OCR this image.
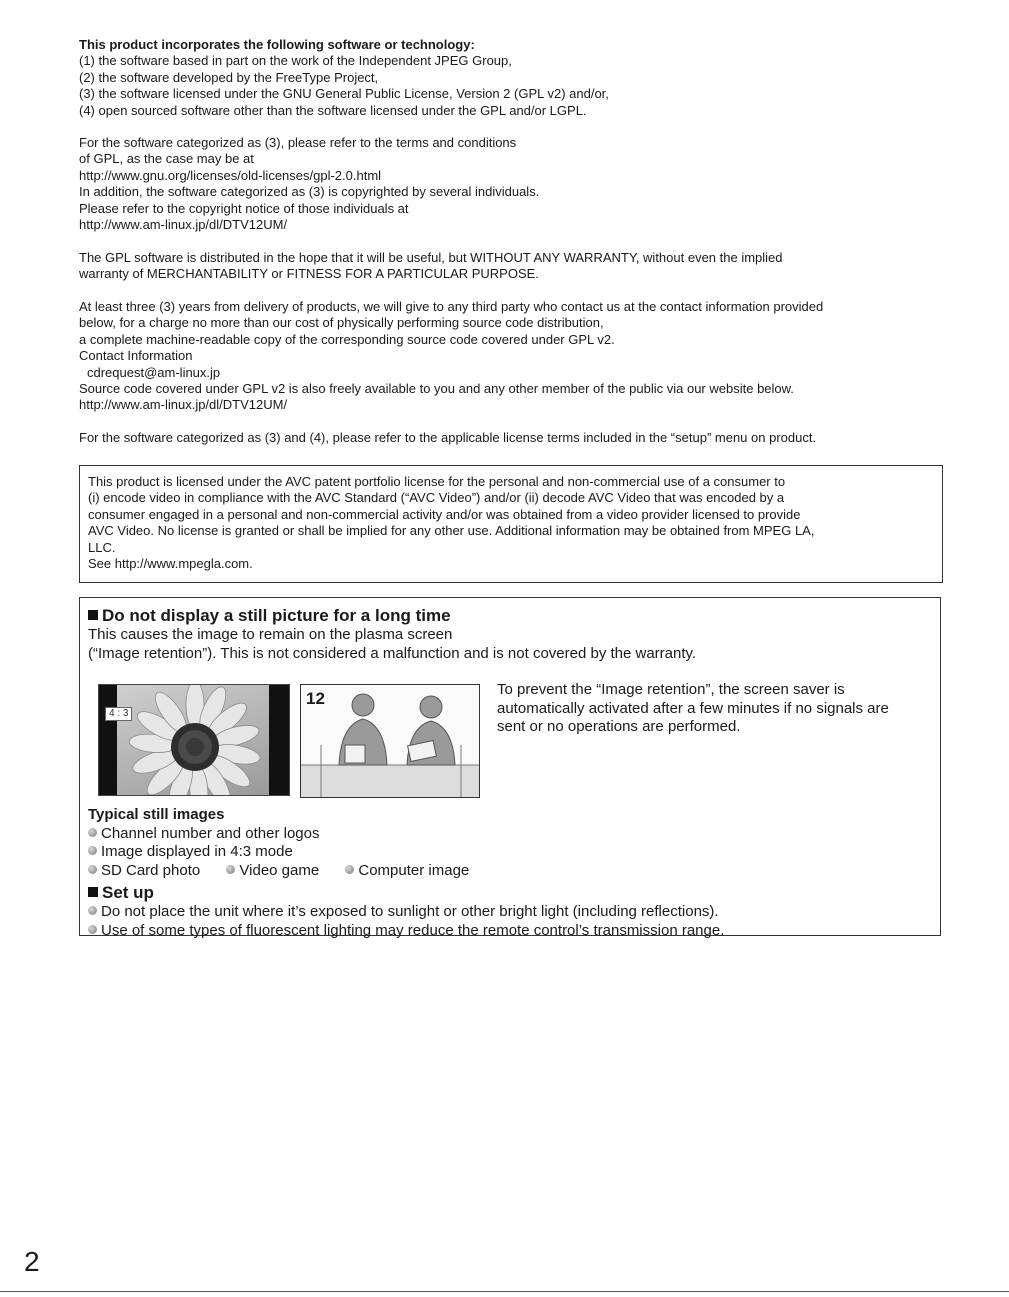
This product incorporates the following software or technology:
(1) the software based in part on the work of the Independent JPEG Group,
(2) the software developed by the FreeType Project,
(3) the software licensed under the GNU General Public License, Version 2 (GPL v2) and/or,
(4) open sourced software other than the software licensed under the GPL and/or LGPL.
For the software categorized as (3), please refer to the terms and conditions
of GPL, as the case may be at
http://www.gnu.org/licenses/old-licenses/gpl-2.0.html
In addition, the software categorized as (3) is copyrighted by several individuals.
Please refer to the copyright notice of those individuals at
http://www.am-linux.jp/dl/DTV12UM/
The GPL software is distributed in the hope that it will be useful, but WITHOUT ANY WARRANTY, without even the implied
warranty of MERCHANTABILITY or FITNESS FOR A PARTICULAR PURPOSE.
At least three (3) years from delivery of products, we will give to any third party who contact us at the contact information provided
below, for a charge no more than our cost of physically performing source code distribution,
a complete machine-readable copy of the corresponding source code covered under GPL v2.
Contact Information
cdrequest@am-linux.jp
Source code covered under GPL v2 is also freely available to you and any other member of the public via our website below.
http://www.am-linux.jp/dl/DTV12UM/
For the software categorized as (3) and (4), please refer to the applicable license terms included in the “setup” menu on product.
This product is licensed under the AVC patent portfolio license for the personal and non-commercial use of a consumer to
(i) encode video in compliance with the AVC Standard (“AVC Video”) and/or (ii) decode AVC Video that was encoded by a
consumer engaged in a personal and non-commercial activity and/or was obtained from a video provider licensed to provide
AVC Video. No license is granted or shall be implied for any other use. Additional information may be obtained from MPEG LA,
LLC.
See http://www.mpegla.com.
Do not display a still picture for a long time
This causes the image to remain on the plasma screen
(“Image retention”). This is not considered a malfunction and is not covered by the warranty.
4 : 3
12	To prevent the “Image retention”, the screen saver is
automatically activated after a few minutes if no signals are
sent or no operations are performed.
Typical still images
Channel number and other logos
Image displayed in 4:3 mode
SD Card photo	Video game	Computer image
Set up
Do not place the unit where it’s exposed to sunlight or other bright light (including reflections).
Use of some types of fluorescent lighting may reduce the remote control’s transmission range.
2
